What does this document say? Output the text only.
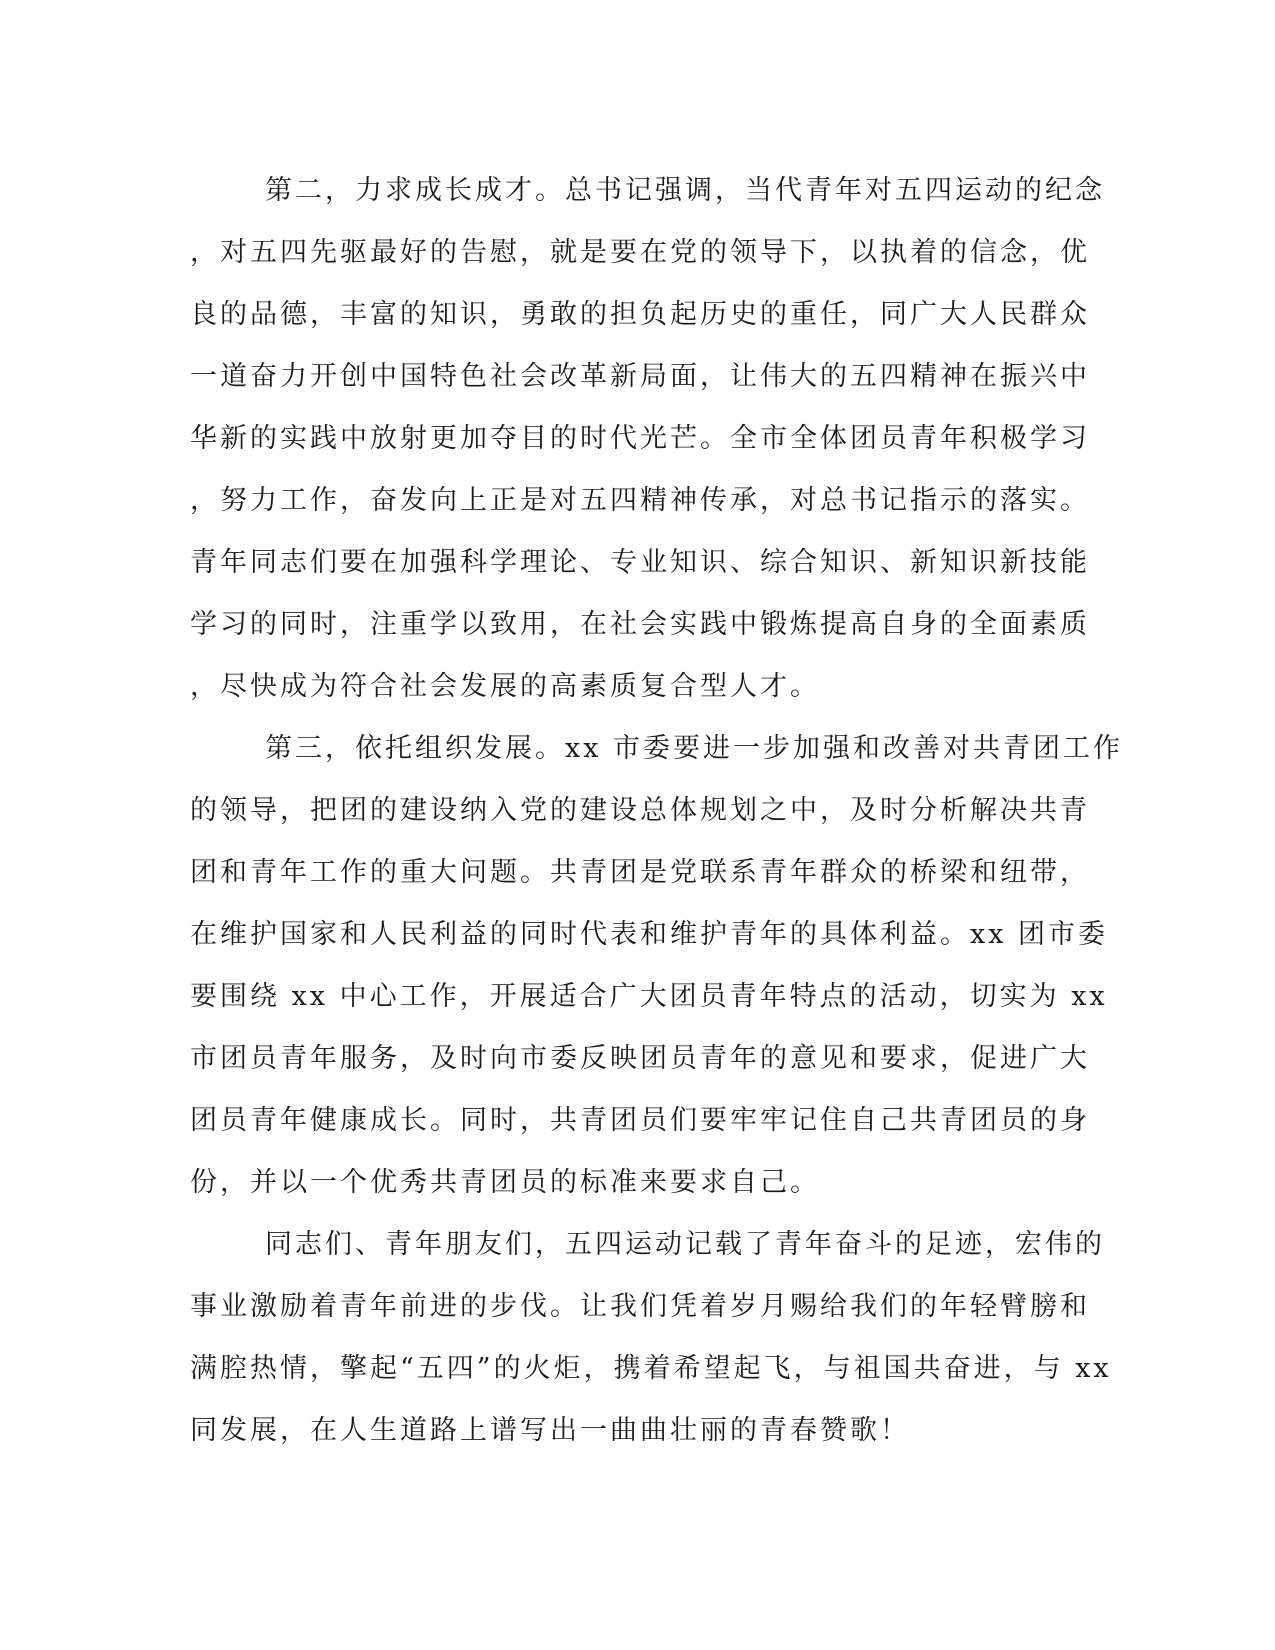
第二，力求成长成才。总书记强调，当代青年对五四运动的纪念
，对五四先驱最好的告慰，就是要在党的领导下，以执着的信念，优
良的品德，丰富的知识，勇敢的担负起历史的重任，同广大人民群众
一道奋力开创中国特色社会改革新局面，让伟大的五四精神在振兴中
华新的实践中放射更加夺目的时代光芒。全市全体团员青年积极学习
，努力工作，奋发向上正是对五四精神传承，对总书记指示的落实。
青年同志们要在加强科学理论、专业知识、综合知识、新知识新技能
学习的同时，注重学以致用，在社会实践中锻炼提高自身的全面素质
，尽快成为符合社会发展的高素质复合型人才。
第三，依托组织发展。xx 市委要进一步加强和改善对共青团工作
的领导，把团的建设纳入党的建设总体规划之中，及时分析解决共青
团和青年工作的重大问题。共青团是党联系青年群众的桥梁和纽带，
在维护国家和人民利益的同时代表和维护青年的具体利益。xx 团市委
要围绕 xx 中心工作，开展适合广大团员青年特点的活动，切实为 xx
市团员青年服务，及时向市委反映团员青年的意见和要求，促进广大
团员青年健康成长。同时，共青团员们要牢牢记住自己共青团员的身
份，并以一个优秀共青团员的标准来要求自己。
同志们、青年朋友们，五四运动记载了青年奋斗的足迹，宏伟的
事业激励着青年前进的步伐。让我们凭着岁月赐给我们的年轻臂膀和
满腔热情，擎起“五四”的火炬，携着希望起飞，与祖国共奋进，与 xx
同发展，在人生道路上谱写出一曲曲壮丽的青春赞歌！
